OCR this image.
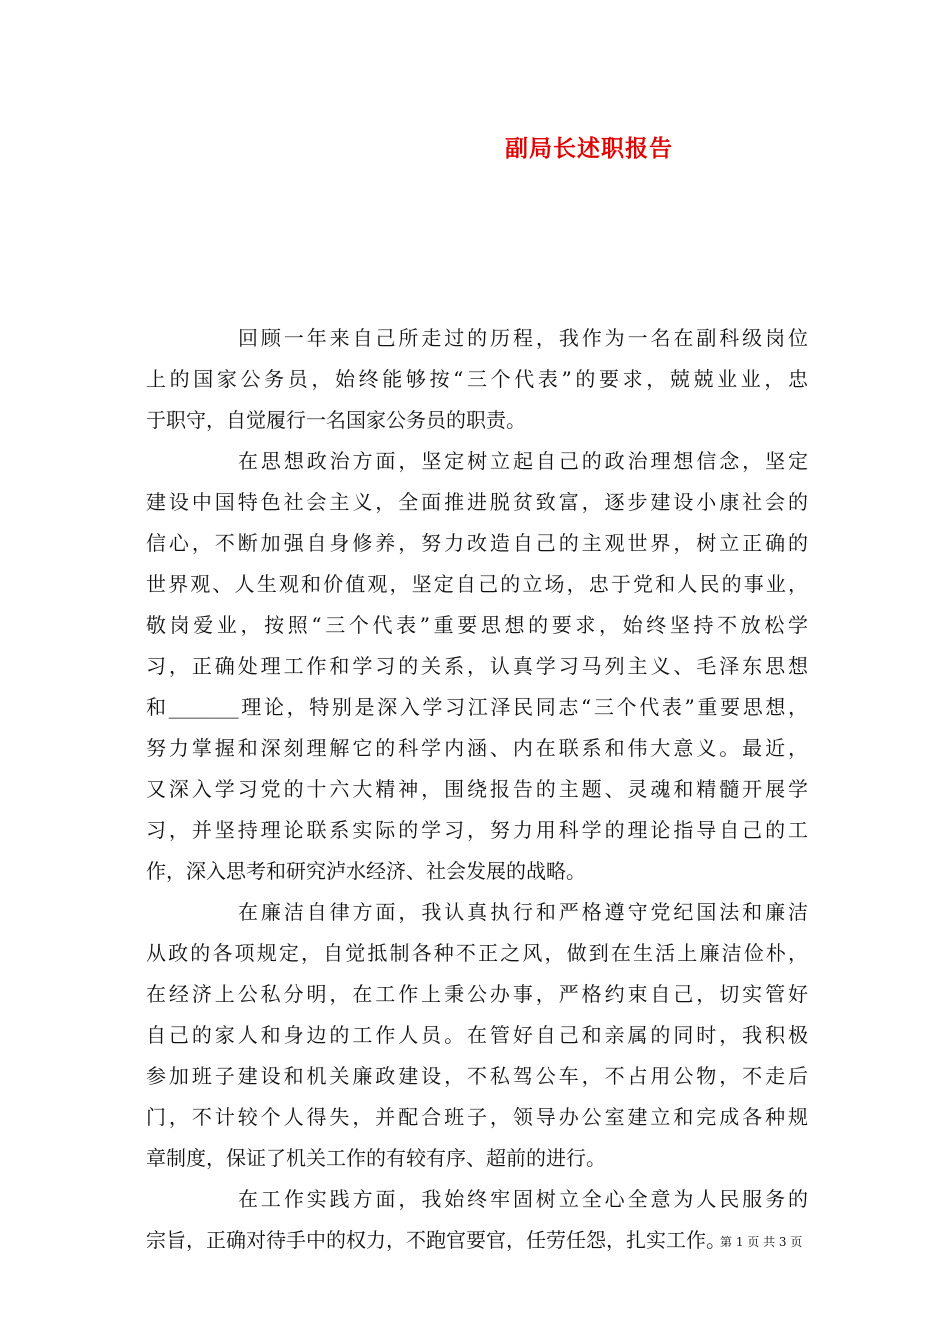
副局长述职报告
回顾一年来自己所走过的历程，我作为一名在副科级岗位
上的国家公务员，始终能够按“三个代表”的要求，兢兢业业，忠
于职守，自觉履行一名国家公务员的职责。
在思想政治方面，坚定树立起自己的政治理想信念，坚定
建设中国特色社会主义，全面推进脱贫致富，逐步建设小康社会的
信心，不断加强自身修养，努力改造自己的主观世界，树立正确的
世界观、人生观和价值观，坚定自己的立场，忠于党和人民的事业，
敬岗爱业，按照“三个代表”重要思想的要求，始终坚持不放松学
习，正确处理工作和学习的关系，认真学习马列主义、毛泽东思想
和_______理论，特别是深入学习江泽民同志“三个代表”重要思想，
努力掌握和深刻理解它的科学内涵、内在联系和伟大意义。最近，
又深入学习党的十六大精神，围绕报告的主题、灵魂和精髓开展学
习，并坚持理论联系实际的学习，努力用科学的理论指导自己的工
作，深入思考和研究泸水经济、社会发展的战略。
在廉洁自律方面，我认真执行和严格遵守党纪国法和廉洁
从政的各项规定，自觉抵制各种不正之风，做到在生活上廉洁俭朴，
在经济上公私分明，在工作上秉公办事，严格约束自己，切实管好
自己的家人和身边的工作人员。在管好自己和亲属的同时，我积极
参加班子建设和机关廉政建设，不私驾公车，不占用公物，不走后
门，不计较个人得失，并配合班子，领导办公室建立和完成各种规
章制度，保证了机关工作的有较有序、超前的进行。
在工作实践方面，我始终牢固树立全心全意为人民服务的
宗旨，正确对待手中的权力，不跑官要官，任劳任怨，扎实工作。
第 1 页 共 3 页
